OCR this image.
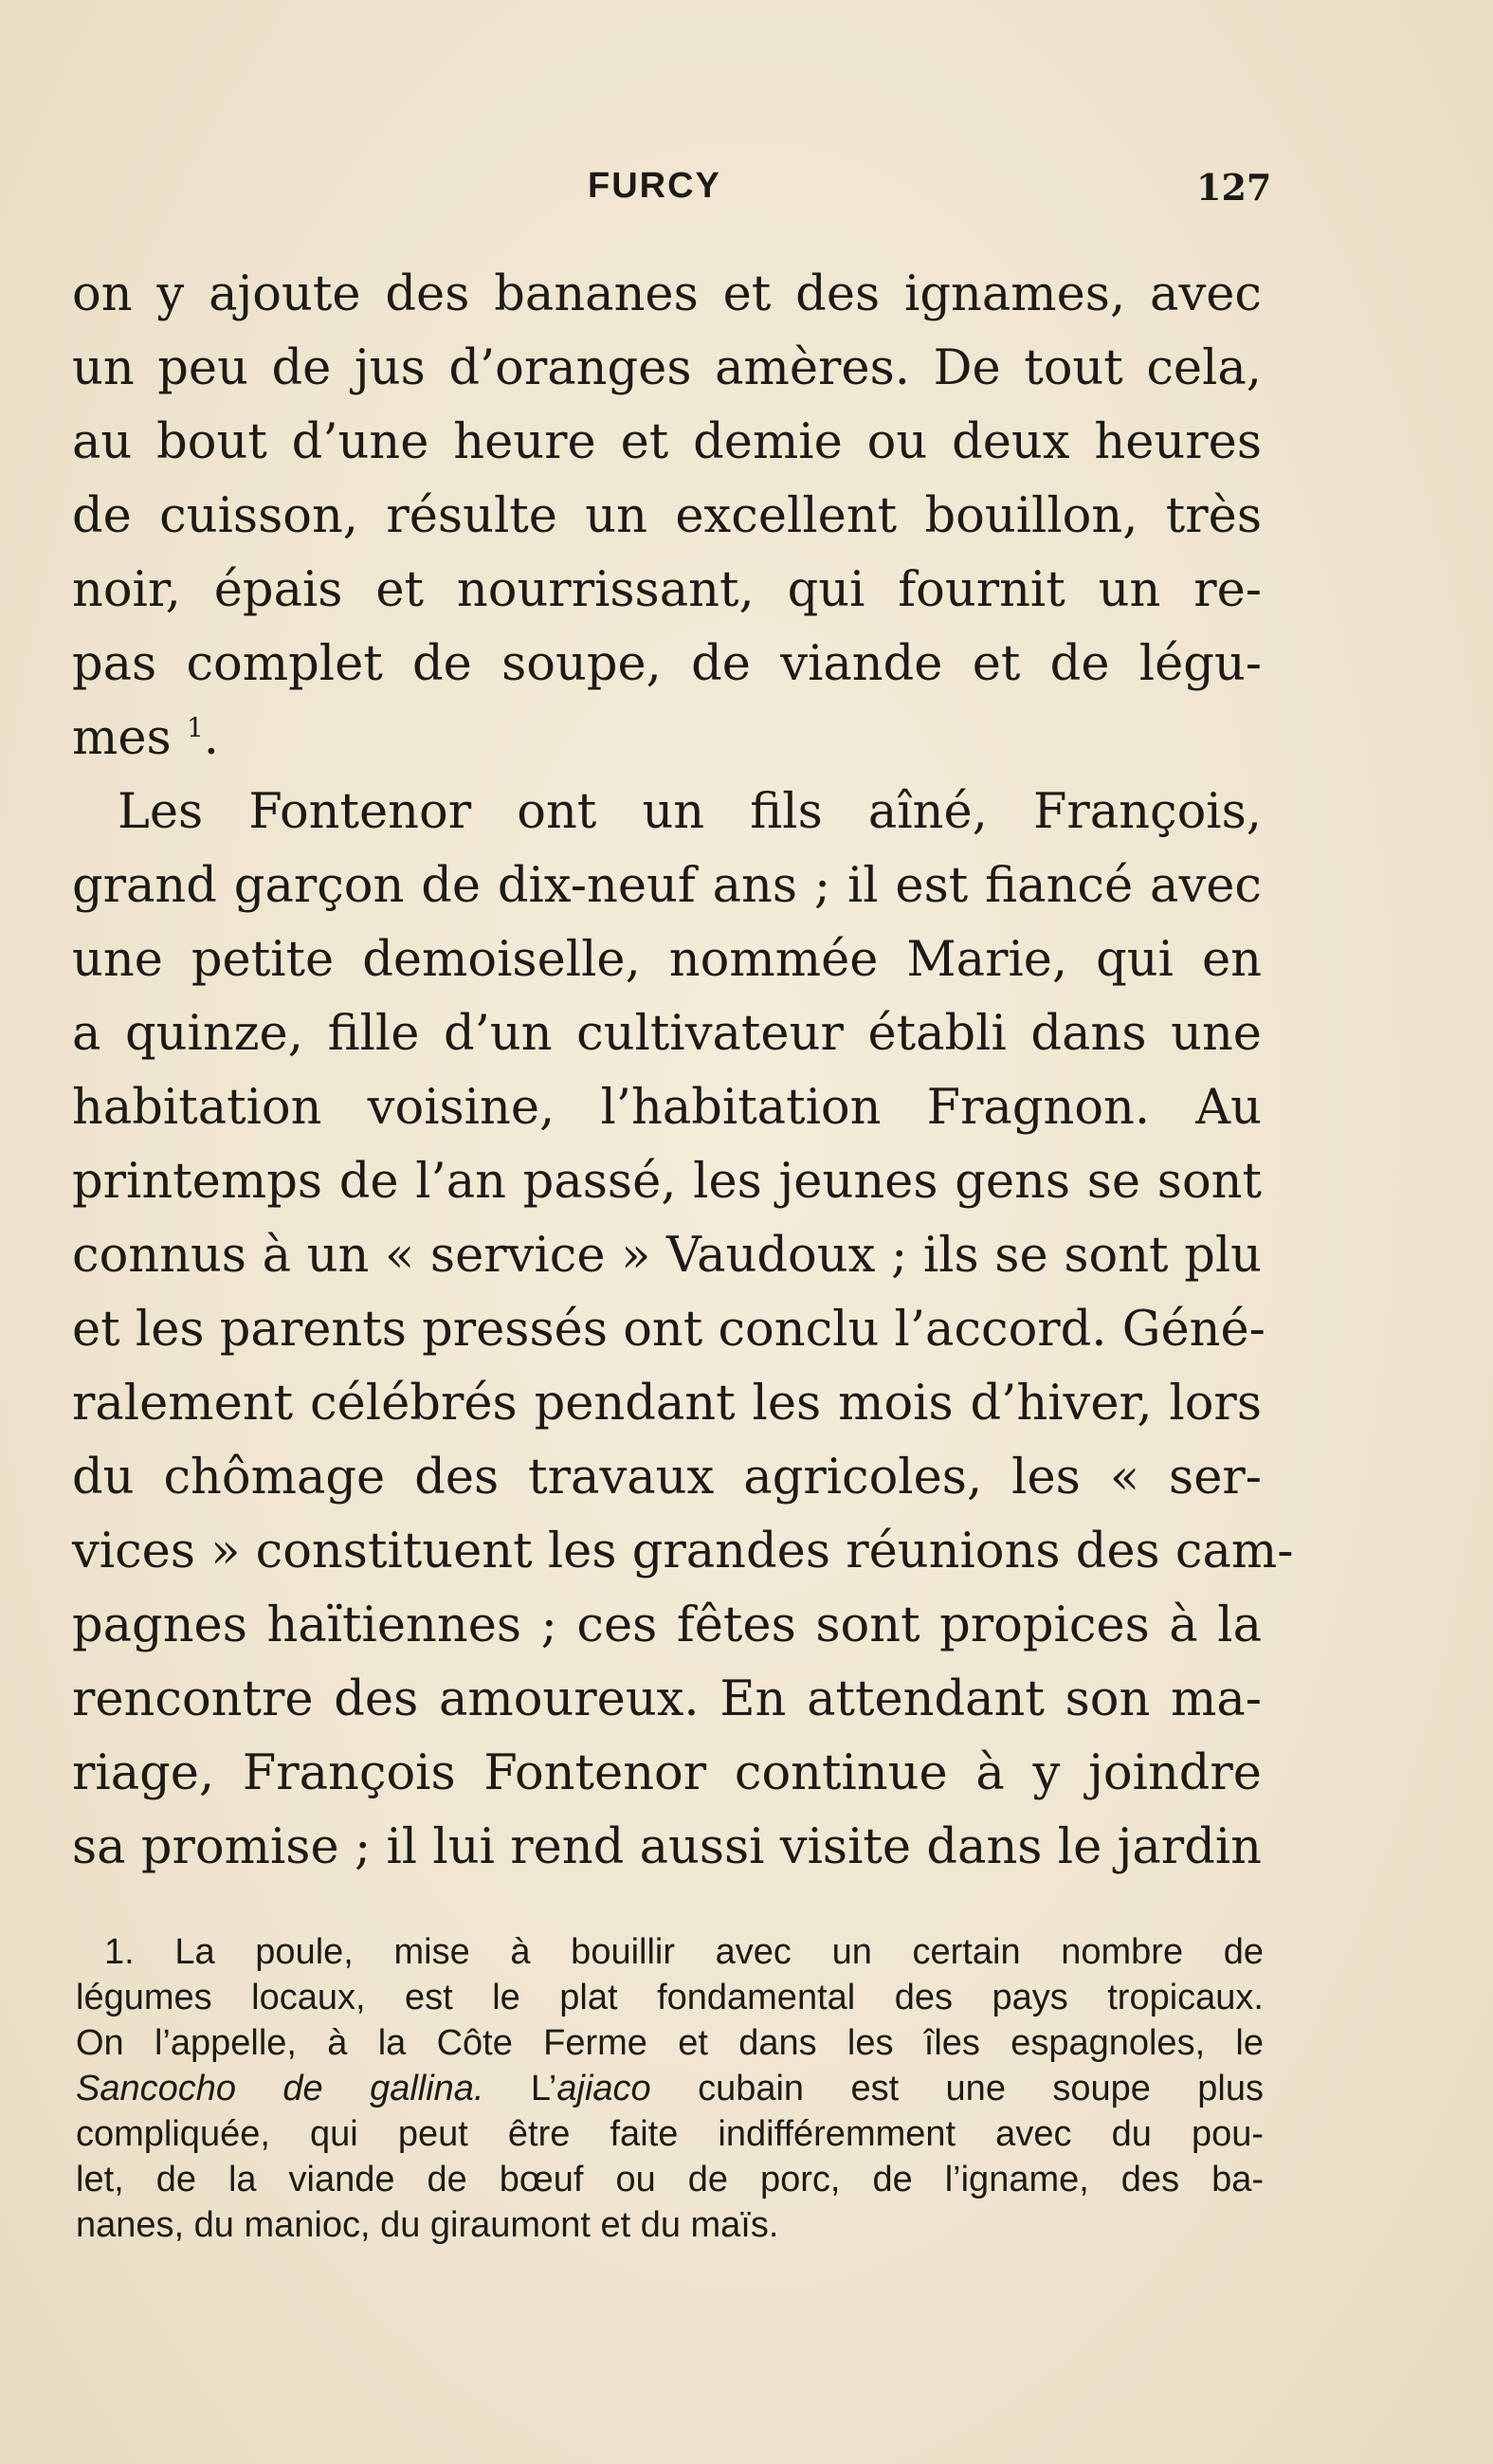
FURCY	127
on y ajoute des bananes et des ignames, avec
un peu de jus d’oranges amères. De tout cela,
au bout d’une heure et demie ou deux heures
de cuisson, résulte un excellent bouillon, très
noir, épais et nourrissant, qui fournit un re-
pas complet de soupe, de viande et de légu-
mes $^1$.
Les Fontenor ont un fils aîné, François,
grand garçon de dix-neuf ans ; il est fiancé avec
une petite demoiselle, nommée Marie, qui en
a quinze, fille d’un cultivateur établi dans une
habitation voisine, l’habitation Fragnon. Au
printemps de l’an passé, les jeunes gens se sont
connus à un « service » Vaudoux ; ils se sont plu
et les parents pressés ont conclu l’accord. Géné-
ralement célébrés pendant les mois d’hiver, lors
du chômage des travaux agricoles, les « ser-
vices » constituent les grandes réunions des cam-
pagnes haïtiennes ; ces fêtes sont propices à la
rencontre des amoureux. En attendant son ma-
riage, François Fontenor continue à y joindre
sa promise ; il lui rend aussi visite dans le jardin
1. La poule, mise à bouillir avec un certain nombre de
légumes locaux, est le plat fondamental des pays tropicaux.
On l’appelle, à la Côte Ferme et dans les îles espagnoles, le
Sancocho de gallina. L’ajiaco cubain est une soupe plus
compliquée, qui peut être faite indifféremment avec du pou-
let, de la viande de bœuf ou de porc, de l’igname, des ba-
nanes, du manioc, du giraumont et du maïs.
